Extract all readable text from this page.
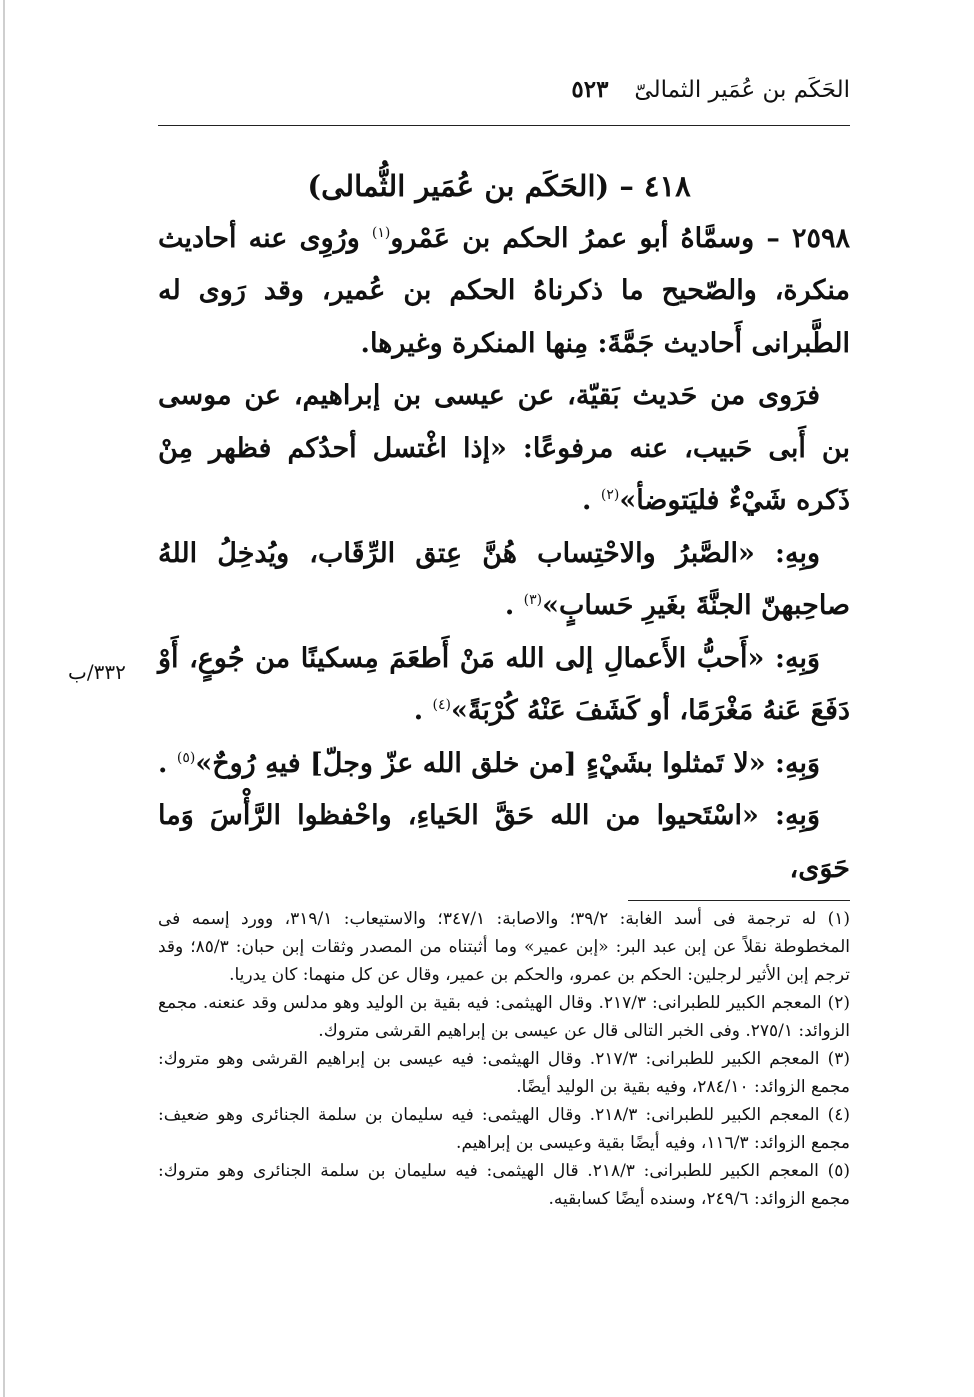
الحَكَم بن عُمَير الثمالىّ
٥٢٣

٤١٨ – (الحَكَم بن عُمَير الثُّمالى)

٢٥٩٨ – وسمَّاهُ أبو عمرُ الحكم بن عَمْرو$^{(١)}$ ورُوِى عنه أحاديث منكرة، والصّحيح ما ذكرناهُ الحكم بن عُمير، وقد رَوى له الطَّبرانى أَحاديث جَمَّةَ: مِنها المنكرة وغيرها.

فرَوى من حَديث بَقيّة، عن عيسى بن إبراهيم، عن موسى بن أَبى حَبيب، عنه مرفوعًا: «إذا اغْتسل أحدُكم فظهر مِنْ ذَكره شَيْءٌ فليَتوضأ»$^{(٢)}$ .

وبِهِ: «الصَّبرُ والاحْتِساب هُنَّ عِتق الرِّقَاب، ويُدخِلُ اللهُ صاحِبهنّ الجنَّةَ بغَيرِ حَسابٍ»$^{(٣)}$ .

وَبِهِ: «أَحبُّ الأَعمالِ إلى الله مَنْ أَطعَمَ مِسكينًا من جُوعٍ، أَوْ دَفَعَ عَنهُ مَغْرَمًا، أو كَشَفَ عَنْهُ كُرْبَةً»$^{(٤)}$ .

وَبِهِ: «لا تَمثلوا بشَيْءٍ [من خلق الله عزّ وجلّ] فيهِ رُوحٌ»$^{(٥)}$ .

وَبِهِ: «اسْتَحيوا من الله حَقَّ الحَياءِ، واحْفظوا الرَّأْسَ وَما حَوَى،

٣٣٢/ب

(١) له ترجمة فى أسد الغابة: ٣٩/٢؛ والاصابة: ٣٤٧/١؛ والاستيعاب: ٣١٩/١، وورد إسمه فى المخطوطة نقلاً عن إبن عبد البر: «إبن عمير» وما أثبتناه من المصدر وثقات إبن حبان: ٨٥/٣؛ وقد ترجم إبن الأثير لرجلين: الحكم بن عمرو، والحكم بن عمير، وقال عن كل منهما: كان يدريا.

(٢) المعجم الكبير للطبرانى: ٢١٧/٣. وقال الهيثمى: فيه بقية بن الوليد وهو مدلس وقد عنعنه. مجمع الزوائد: ٢٧٥/١. وفى الخبر التالى قال عن عيسى بن إبراهيم القرشى متروك.

(٣) المعجم الكبير للطبرانى: ٢١٧/٣. وقال الهيثمى: فيه عيسى بن إبراهيم القرشى وهو متروك: مجمع الزوائد: ٢٨٤/١٠، وفيه بقية بن الوليد أيضًا.

(٤) المعجم الكبير للطبرانى: ٢١٨/٣. وقال الهيثمى: فيه سليمان بن سلمة الجنائرى وهو ضعيف: مجمع الزوائد: ١١٦/٣، وفيه أيضًا بقية وعيسى بن إبراهيم.

(٥) المعجم الكبير للطبرانى: ٢١٨/٣. قال الهيثمى: فيه سليمان بن سلمة الجنائرى وهو متروك: مجمع الزوائد: ٢٤٩/٦، وسنده أيضًا كسابقيه.
